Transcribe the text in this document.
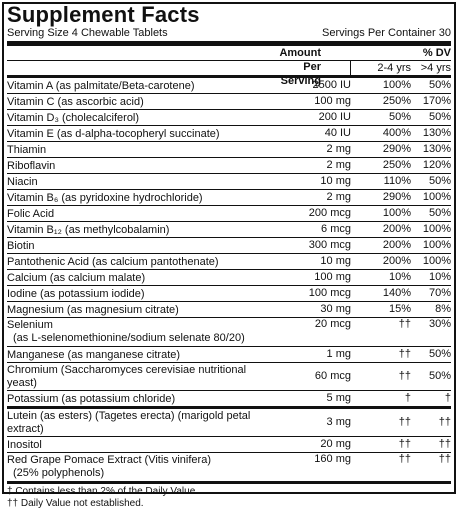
Supplement Facts
Serving Size 4 Chewable Tablets	Servings Per Container 30
Amount Per Serving
% DV
2-4 yrs >4 yrs
Vitamin A (as palmitate/Beta-carotene)	2500 IU	100%	50%
Vitamin C (as ascorbic acid)	100 mg	250%	170%
Vitamin D₃ (cholecalciferol)	200 IU	50%	50%
Vitamin E (as d-alpha-tocopheryl succinate)	40 IU	400%	130%
Thiamin	2 mg	290%	130%
Riboflavin	2 mg	250%	120%
Niacin	10 mg	110%	50%
Vitamin B₆ (as pyridoxine hydrochloride)	2 mg	290%	100%
Folic Acid	200 mcg	100%	50%
Vitamin B₁₂ (as methylcobalamin)	6 mcg	200%	100%
Biotin	300 mcg	200%	100%
Pantothenic Acid (as calcium pantothenate)	10 mg	200%	100%
Calcium (as calcium malate)	100 mg	10%	10%
Iodine (as potassium iodide)	100 mcg	140%	70%
Magnesium (as magnesium citrate)	30 mg	15%	8%
Selenium
(as L-selenomethionine/sodium selenate 80/20)
20 mcg	††	30%
Manganese (as manganese citrate)	1 mg	††	50%
Chromium (Saccharomyces cerevisiae nutritional yeast)
60 mcg	††	50%
Potassium (as potassium chloride)	5 mg	†	†
Lutein (as esters) (Tagetes erecta) (marigold petal extract)
3 mg	††	††
Inositol	20 mg	††	††
Red Grape Pomace Extract (Vitis vinifera)
(25% polyphenols)
160 mg	††	††
† Contains less than 2% of the Daily Value.
†† Daily Value not established.
